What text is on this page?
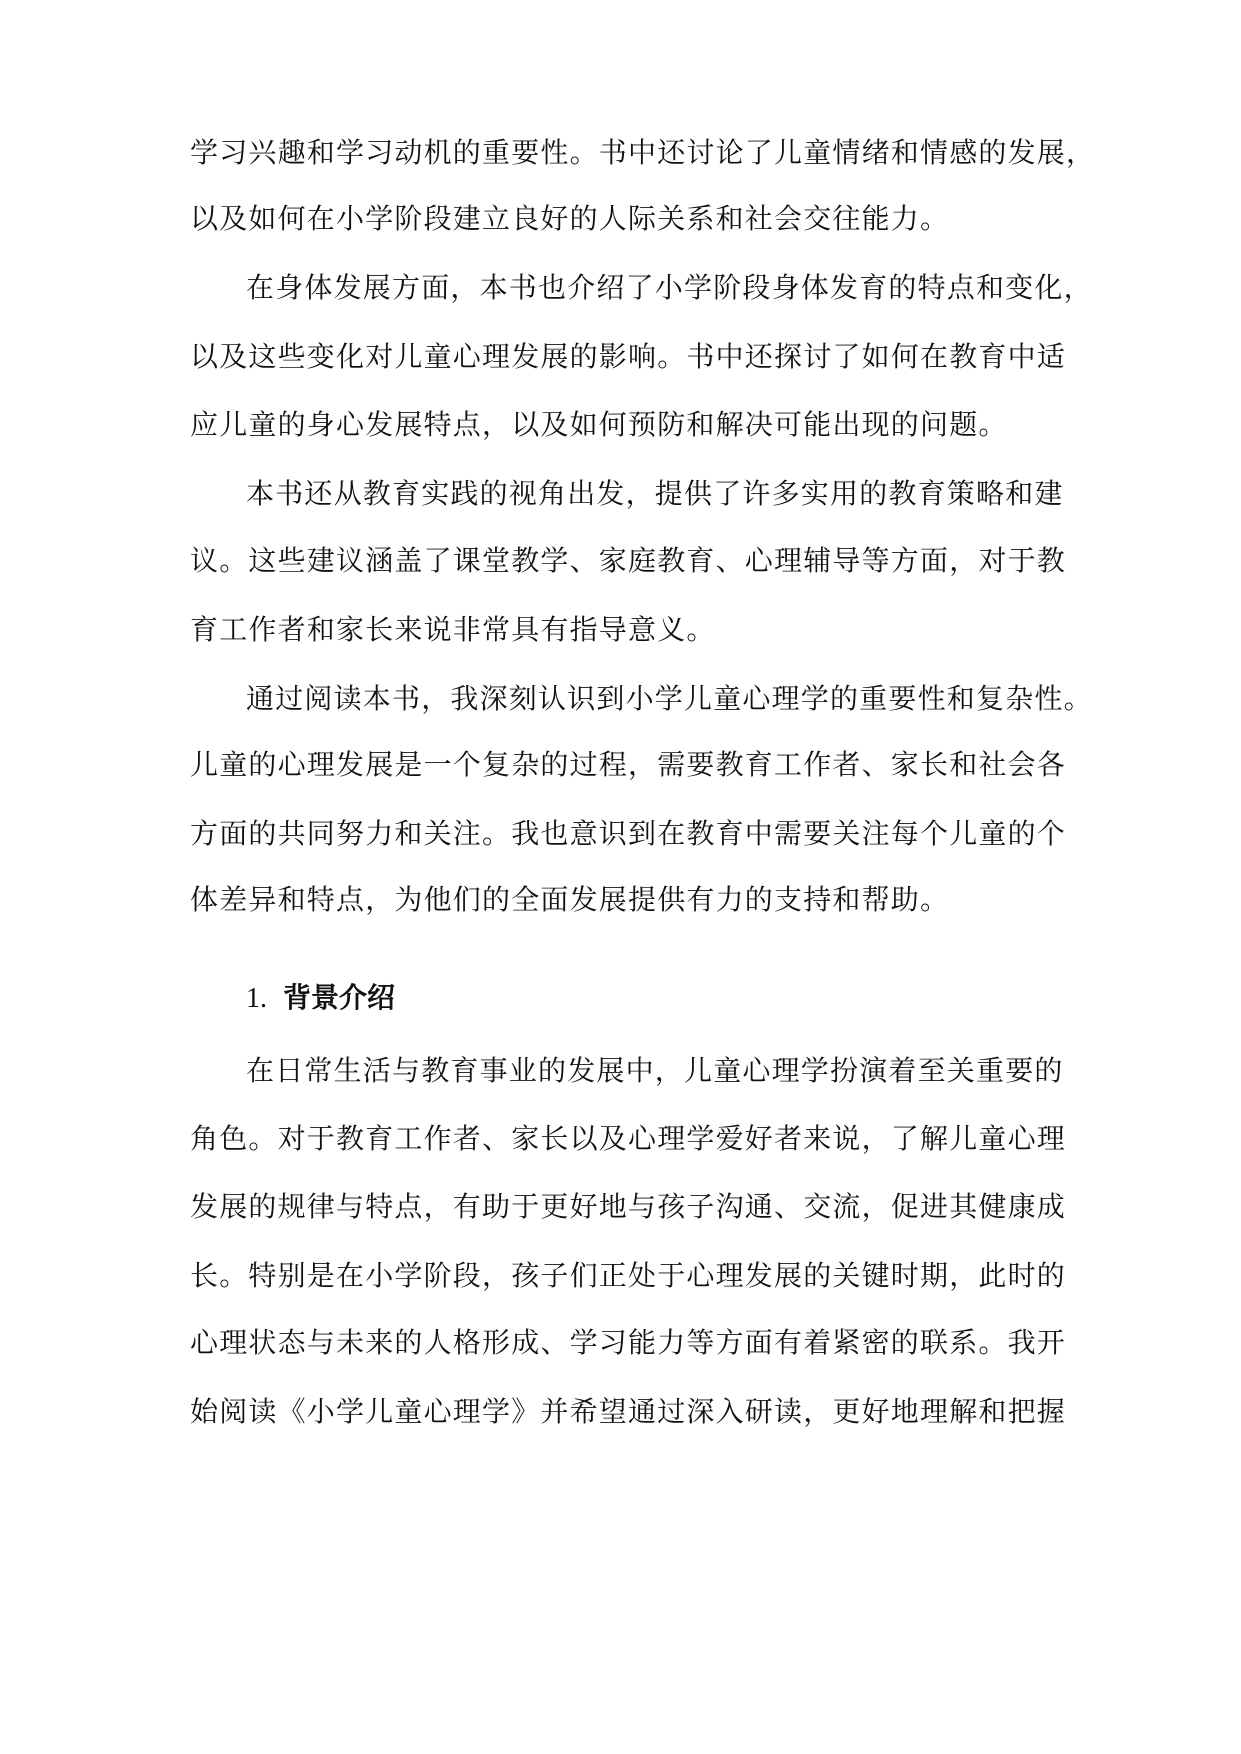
学习兴趣和学习动机的重要性。书中还讨论了儿童情绪和情感的发展，
以及如何在小学阶段建立良好的人际关系和社会交往能力。
在身体发展方面，本书也介绍了小学阶段身体发育的特点和变化，
以及这些变化对儿童心理发展的影响。书中还探讨了如何在教育中适
应儿童的身心发展特点，以及如何预防和解决可能出现的问题。
本书还从教育实践的视角出发，提供了许多实用的教育策略和建
议。这些建议涵盖了课堂教学、家庭教育、心理辅导等方面，对于教
育工作者和家长来说非常具有指导意义。
通过阅读本书，我深刻认识到小学儿童心理学的重要性和复杂性。
儿童的心理发展是一个复杂的过程，需要教育工作者、家长和社会各
方面的共同努力和关注。我也意识到在教育中需要关注每个儿童的个
体差异和特点，为他们的全面发展提供有力的支持和帮助。
1. 背景介绍
在日常生活与教育事业的发展中，儿童心理学扮演着至关重要的
角色。对于教育工作者、家长以及心理学爱好者来说，了解儿童心理
发展的规律与特点，有助于更好地与孩子沟通、交流，促进其健康成
长。特别是在小学阶段，孩子们正处于心理发展的关键时期，此时的
心理状态与未来的人格形成、学习能力等方面有着紧密的联系。我开
始阅读《小学儿童心理学》并希望通过深入研读，更好地理解和把握
